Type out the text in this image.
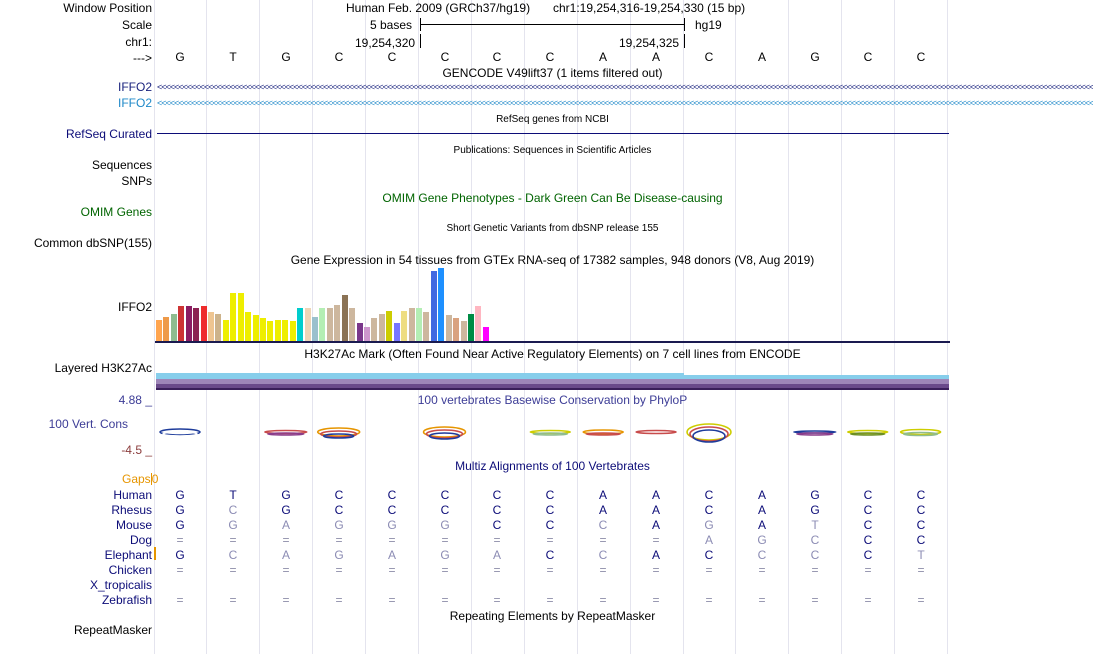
Window Position
Scale
chr1:
--->
Human Feb. 2009 (GRCh37/hg19) chr1:19,254,316-19,254,330 (15 bp)
5 bases	hg19
19,254,320	19,254,325
G	T	G	C	C	C	C	C	A	A	C	A	G	C	C
GENCODE V49lift37 (1 items filtered out)
IFFO2 <<<<<<<<<<<<<<<<<<<<<<<<<<<<<<<<<<<<<<<<<<<<<<<<<<<<<<<<<<<<<<<<<<<<<<<<<<<<<<<<<<<<<<<<<<<<<<<<<<<<<<<<<<<<<<<<<<<<<<<<<<<<<<<<<<<<<<<<<<<<<<<<<<<<<<<<<<<<<<<<<<<<<<<<<<<<<<<<<<<<<<<<<<<<<<<<<<<<<<<<<<<<<<<<<<<<<<<<<<<<
IFFO2 <<<<<<<<<<<<<<<<<<<<<<<<<<<<<<<<<<<<<<<<<<<<<<<<<<<<<<<<<<<<<<<<<<<<<<<<<<<<<<<<<<<<<<<<<<<<<<<<<<<<<<<<<<<<<<<<<<<<<<<<<<<<<<<<<<<<<<<<<<<<<<<<<<<<<<<<<<<<<<<<<<<<<<<<<<<<<<<<<<<<<<<<<<<<<<<<<<<<<<<<<<<<<<<<<<<<<<<<<<<<
RefSeq genes from NCBI
RefSeq Curated
Publications: Sequences in Scientific Articles
Sequences
SNPs
OMIM Gene Phenotypes - Dark Green Can Be Disease-causing
OMIM Genes
Short Genetic Variants from dbSNP release 155
Common dbSNP(155)
Gene Expression in 54 tissues from GTEx RNA-seq of 17382 samples, 948 donors (V8, Aug 2019)
IFFO2
H3K27Ac Mark (Often Found Near Active Regulatory Elements) on 7 cell lines from ENCODE
Layered H3K27Ac
100 vertebrates Basewise Conservation by PhyloP
4.88 _
100 Vert. Cons
-4.5 _
Multiz Alignments of 100 Vertebrates
Gaps0
Human	G	T	G	C	C	C	C	C	A	A	C	A	G	C	C
Rhesus	G	C	G	C	C	C	C	C	A	A	C	A	G	C	C
Mouse	G	G	A	G	G	G	C	C	C	A	G	A	T	C	C
Dog	=	=	=	=	=	=	=	=	=	=	A	G	C	C	C
Elephant	G	C	A	G	A	G	A	C	C	A	C	C	C	C	T
Chicken	=	=	=	=	=	=	=	=	=	=	=	=	=	=	=
X_tropicalis
Zebrafish	=	=	=	=	=	=	=	=	=	=	=	=	=	=	=
Repeating Elements by RepeatMasker
RepeatMasker
